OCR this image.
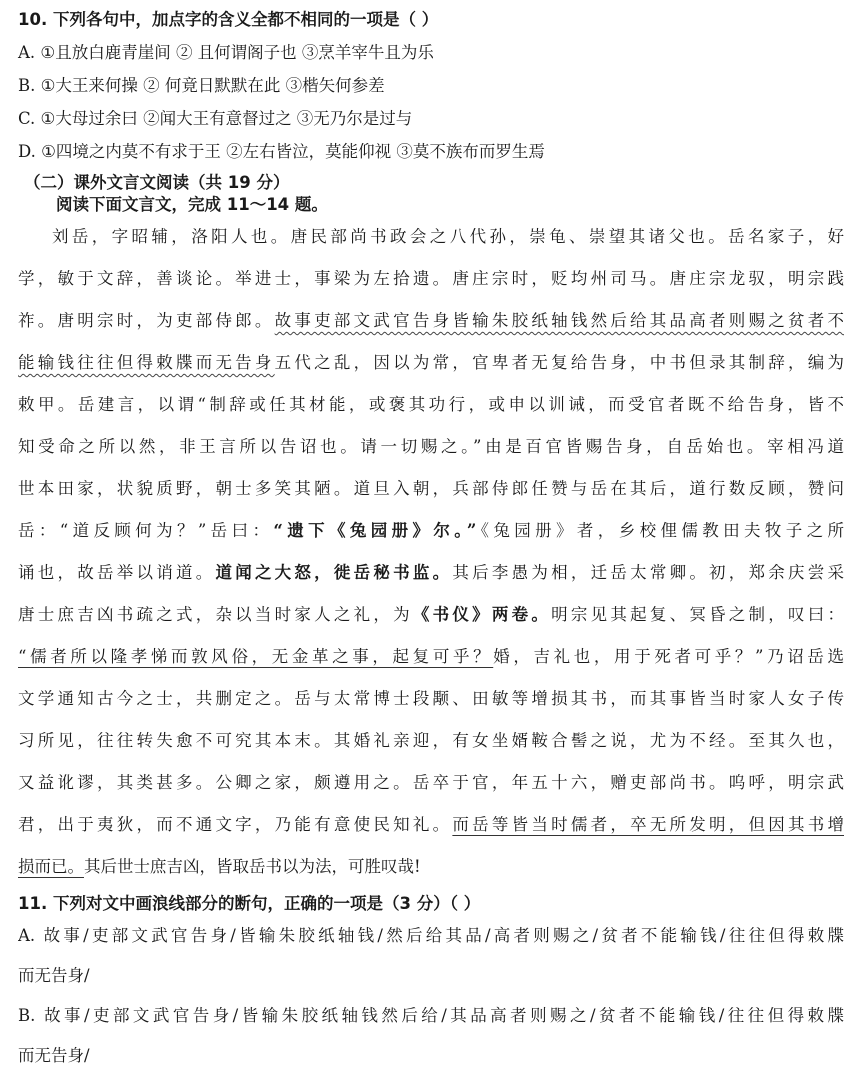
10. 下列各句中，加点字的含义全都不相同的一项是（ ）
A. ①且放白鹿青崖间 ② 且何谓阁子也 ③烹羊宰牛且为乐
B. ①大王来何操 ② 何竟日默默在此 ③楷矢何参差
C. ①大母过余曰 ②闻大王有意督过之 ③无乃尔是过与
D. ①四境之内莫不有求于王 ②左右皆泣，莫能仰视 ③莫不族布而罗生焉
（二）课外文言文阅读（共 19 分）
阅读下面文言文，完成 11～14 题。
刘岳，字昭辅，洛阳人也。唐民部尚书政会之八代孙，崇龟、崇望其诸父也。岳名家子，好
学，敏于文辞，善谈论。举进士，事梁为左拾遗。唐庄宗时，贬均州司马。唐庄宗龙驭，明宗践
祚。唐明宗时，为吏部侍郎。故事吏部文武官告身皆输朱胶纸轴钱然后给其品高者则赐之贫者不
能输钱往往但得敕牒而无告身五代之乱，因以为常，官卑者无复给告身，中书但录其制辞，编为
敕甲。岳建言，以谓“制辞或任其材能，或褒其功行，或申以训诫，而受官者既不给告身，皆不
知受命之所以然，非王言所以告诏也。请一切赐之。”由是百官皆赐告身，自岳始也。宰相冯道
世本田家，状貌质野，朝士多笑其陋。道旦入朝，兵部侍郎任赞与岳在其后，道行数反顾，赞问
岳：“道反顾何为？”岳曰：“遗下《兔园册》尔。”《兔园册》者，乡校俚儒教田夫牧子之所
诵也，故岳举以诮道。道闻之大怒，徙岳秘书监。其后李愚为相，迁岳太常卿。初，郑余庆尝采
唐士庶吉凶书疏之式，杂以当时家人之礼，为《书仪》两卷。明宗见其起复、冥昏之制，叹曰：
“儒者所以隆孝悌而敦风俗，无金革之事，起复可乎？婚，吉礼也，用于死者可乎？”乃诏岳选
文学通知古今之士，共删定之。岳与太常博士段颙、田敏等增损其书，而其事皆当时家人女子传
习所见，往往转失愈不可究其本末。其婚礼亲迎，有女坐婿鞍合髻之说，尤为不经。至其久也，
又益讹谬，其类甚多。公卿之家，颇遵用之。岳卒于官，年五十六，赠吏部尚书。呜呼，明宗武
君，出于夷狄，而不通文字，乃能有意使民知礼。而岳等皆当时儒者，卒无所发明，但因其书增
损而已。其后世士庶吉凶，皆取岳书以为法，可胜叹哉!
11. 下列对文中画浪线部分的断句，正确的一项是（3 分）（ ）
A. 故事/吏部文武官告身/皆输朱胶纸轴钱/然后给其品/高者则赐之/贫者不能输钱/往往但得敕牒
而无告身/
B. 故事/吏部文武官告身/皆输朱胶纸轴钱然后给/其品高者则赐之/贫者不能输钱/往往但得敕牒
而无告身/
